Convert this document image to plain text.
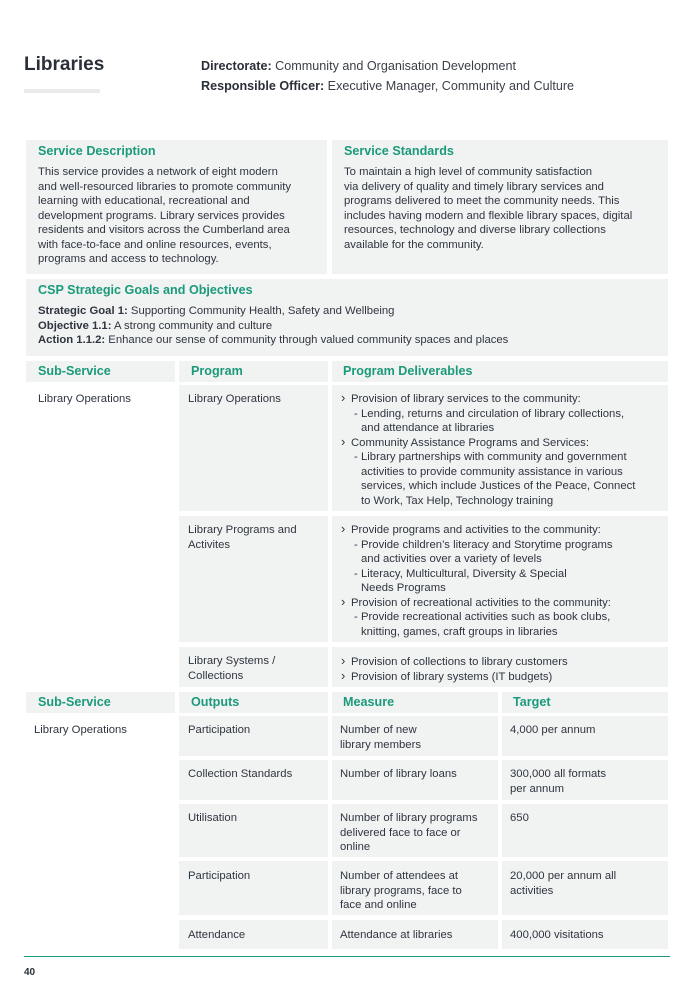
Libraries	Directorate: Community and Organisation Development
Responsible Officer: Executive Manager, Community and Culture
Service Description
This service provides a network of eight modern
and well-resourced libraries to promote community
learning with educational, recreational and
development programs. Library services provides
residents and visitors across the Cumberland area
with face-to-face and online resources, events,
programs and access to technology.
Service Standards
To maintain a high level of community satisfaction
via delivery of quality and timely library services and
programs delivered to meet the community needs. This
includes having modern and flexible library spaces, digital
resources, technology and diverse library collections
available for the community.
CSP Strategic Goals and Objectives
Strategic Goal 1: Supporting Community Health, Safety and Wellbeing
Objective 1.1: A strong community and culture
Action 1.1.2: Enhance our sense of community through valued community spaces and places
Sub-Service	Program	Program Deliverables
Library Operations	Library Operations
›	Provision of library services to the community:
- Lending, returns and circulation of library collections,
and attendance at libraries
› Community Assistance Programs and Services:
- Library partnerships with community and government
activities to provide community assistance in various
services, which include Justices of the Peace, Connect
to Work, Tax Help, Technology training
Library Programs and
Activites
› Provide programs and activities to the community:
- Provide children’s literacy and Storytime programs
and activities over a variety of levels
- Literacy, Multicultural, Diversity & Special
Needs Programs
› Provision of recreational activities to the community:
- Provide recreational activities such as book clubs,
knitting, games, craft groups in libraries
Library Systems /
Collections
› Provision of collections to library customers
› Provision of library systems (IT budgets)
Sub-Service	Outputs	Measure	Target
Library Operations	Participation	Number of new
library members
4,000 per annum
Collection Standards	Number of library loans	300,000 all formats
per annum
Utilisation	Number of library programs
delivered face to face or
online
650
Participation	Number of attendees at
library programs, face to
face and online
20,000 per annum all
activities
Attendance	Attendance at libraries	400,000 visitations
40
